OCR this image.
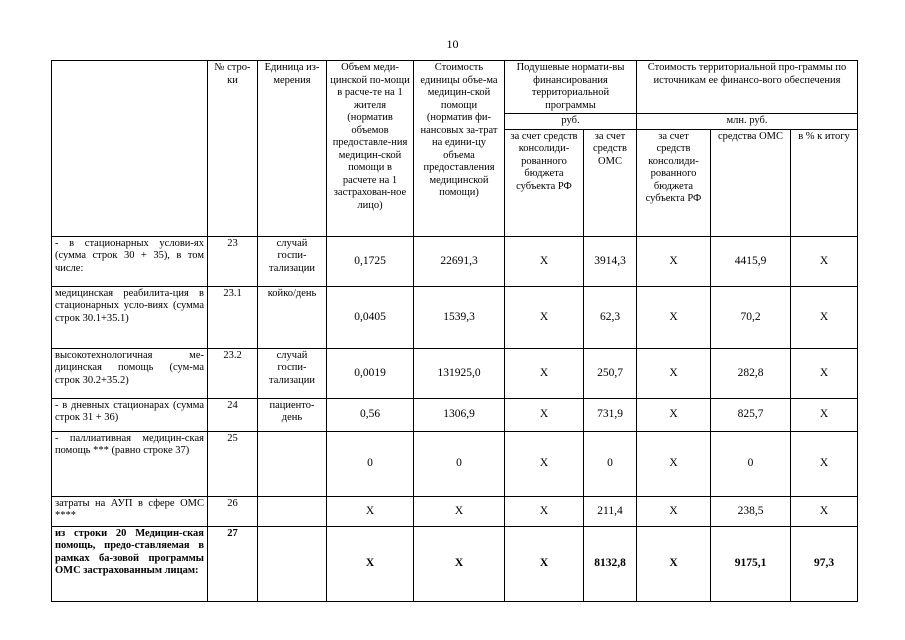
10
	№ стро-ки	Единица из-мерения	Объем меди-цинской по-мощи в расче-те на 1 жителя (норматив объемов предоставле-ния медицин-ской помощи в расчете на 1 застрахован-ное лицо)	Стоимость единицы объе-ма медицин-ской помощи (норматив фи-нансовых за-трат на едини-цу объема предоставления медицинской помощи)	Подушевые нормати-вы финансирования территориальной программы		Стоимость территориальной про-граммы по источникам ее финансо-вого обеспечения		
					руб.		млн. руб.		
					за счет средств консолиди-рованного бюджета субъекта РФ	за счет средств ОМС	за счет средств консолиди-рованного бюджета субъекта РФ	средства ОМС	в % к итогу
- в стационарных услови-ях (сумма строк 30 + 35), в том числе:	23	случай госпи-тализации	0,1725	22691,3	X	3914,3	X	4415,9	X
медицинская реабилита-ция в стационарных усло-виях (сумма строк 30.1+35.1)	23.1	койко/день	0,0405	1539,3	X	62,3	X	70,2	X
высокотехнологичная ме-дицинская помощь (сум-ма строк 30.2+35.2)	23.2	случай госпи-тализации	0,0019	131925,0	X	250,7	X	282,8	X
- в дневных стационарах (сумма строк 31 + 36)	24	пациенто-день	0,56	1306,9	X	731,9	X	825,7	X
- паллиативная медицин-ская помощь *** (равно строке 37)	25		0	0	X	0	X	0	X
затраты на АУП в сфере ОМС ****	26		X	X	X	211,4	X	238,5	X
из строки 20 Медицин-ская помощь, предо-ставляемая в рамках ба-зовой программы ОМС застрахованным лицам:	27		X	X	X	8132,8	X	9175,1	97,3
